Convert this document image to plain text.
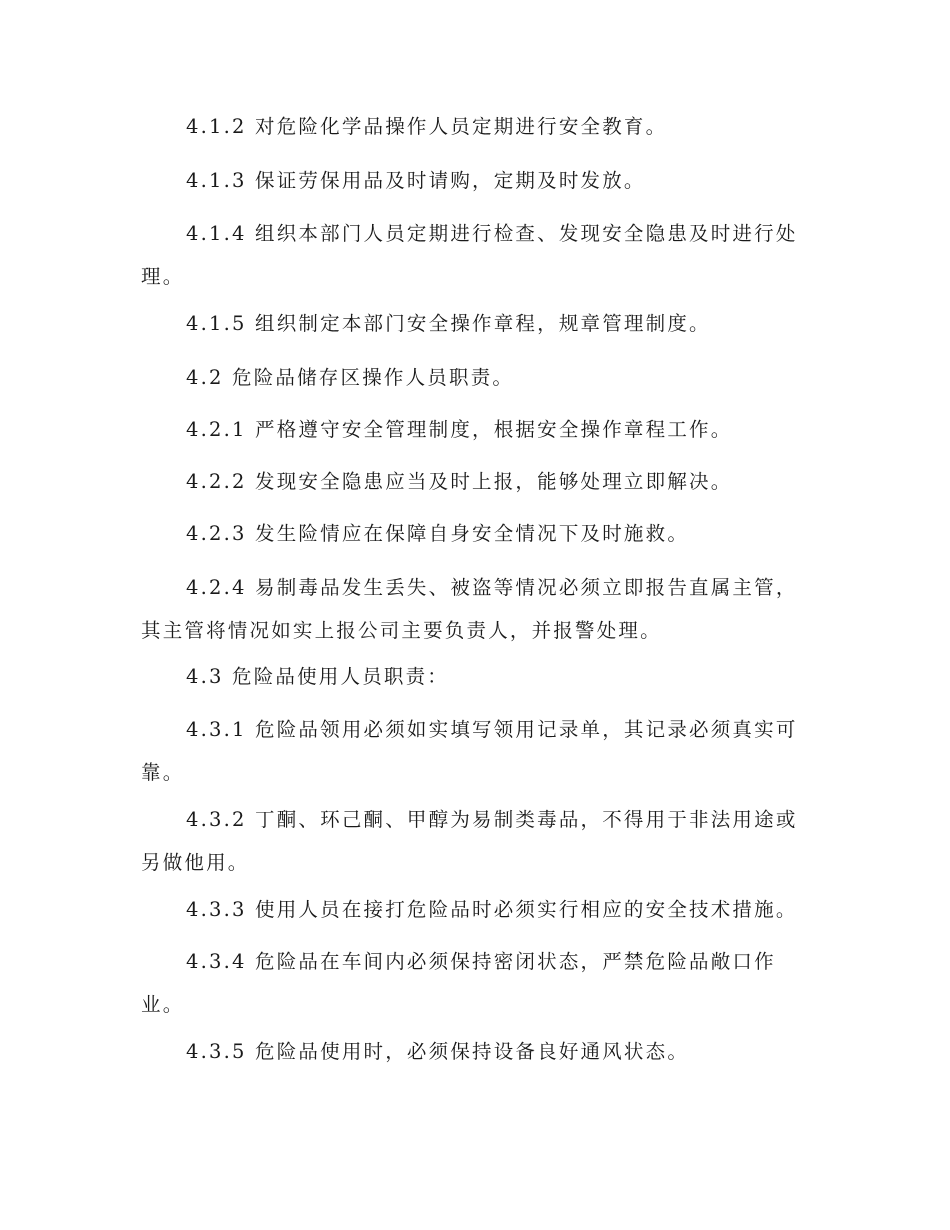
4.1.2 对危险化学品操作人员定期进行安全教育。

4.1.3 保证劳保用品及时请购，定期及时发放。

4.1.4 组织本部门人员定期进行检查、发现安全隐患及时进行处理。

4.1.5 组织制定本部门安全操作章程，规章管理制度。

4.2 危险品储存区操作人员职责。

4.2.1 严格遵守安全管理制度，根据安全操作章程工作。

4.2.2 发现安全隐患应当及时上报，能够处理立即解决。

4.2.3 发生险情应在保障自身安全情况下及时施救。

4.2.4 易制毒品发生丢失、被盗等情况必须立即报告直属主管，其主管将情况如实上报公司主要负责人，并报警处理。

4.3 危险品使用人员职责：

4.3.1 危险品领用必须如实填写领用记录单，其记录必须真实可靠。

4.3.2 丁酮、环己酮、甲醇为易制类毒品，不得用于非法用途或另做他用。

4.3.3 使用人员在接打危险品时必须实行相应的安全技术措施。

4.3.4 危险品在车间内必须保持密闭状态，严禁危险品敞口作业。

4.3.5 危险品使用时，必须保持设备良好通风状态。
